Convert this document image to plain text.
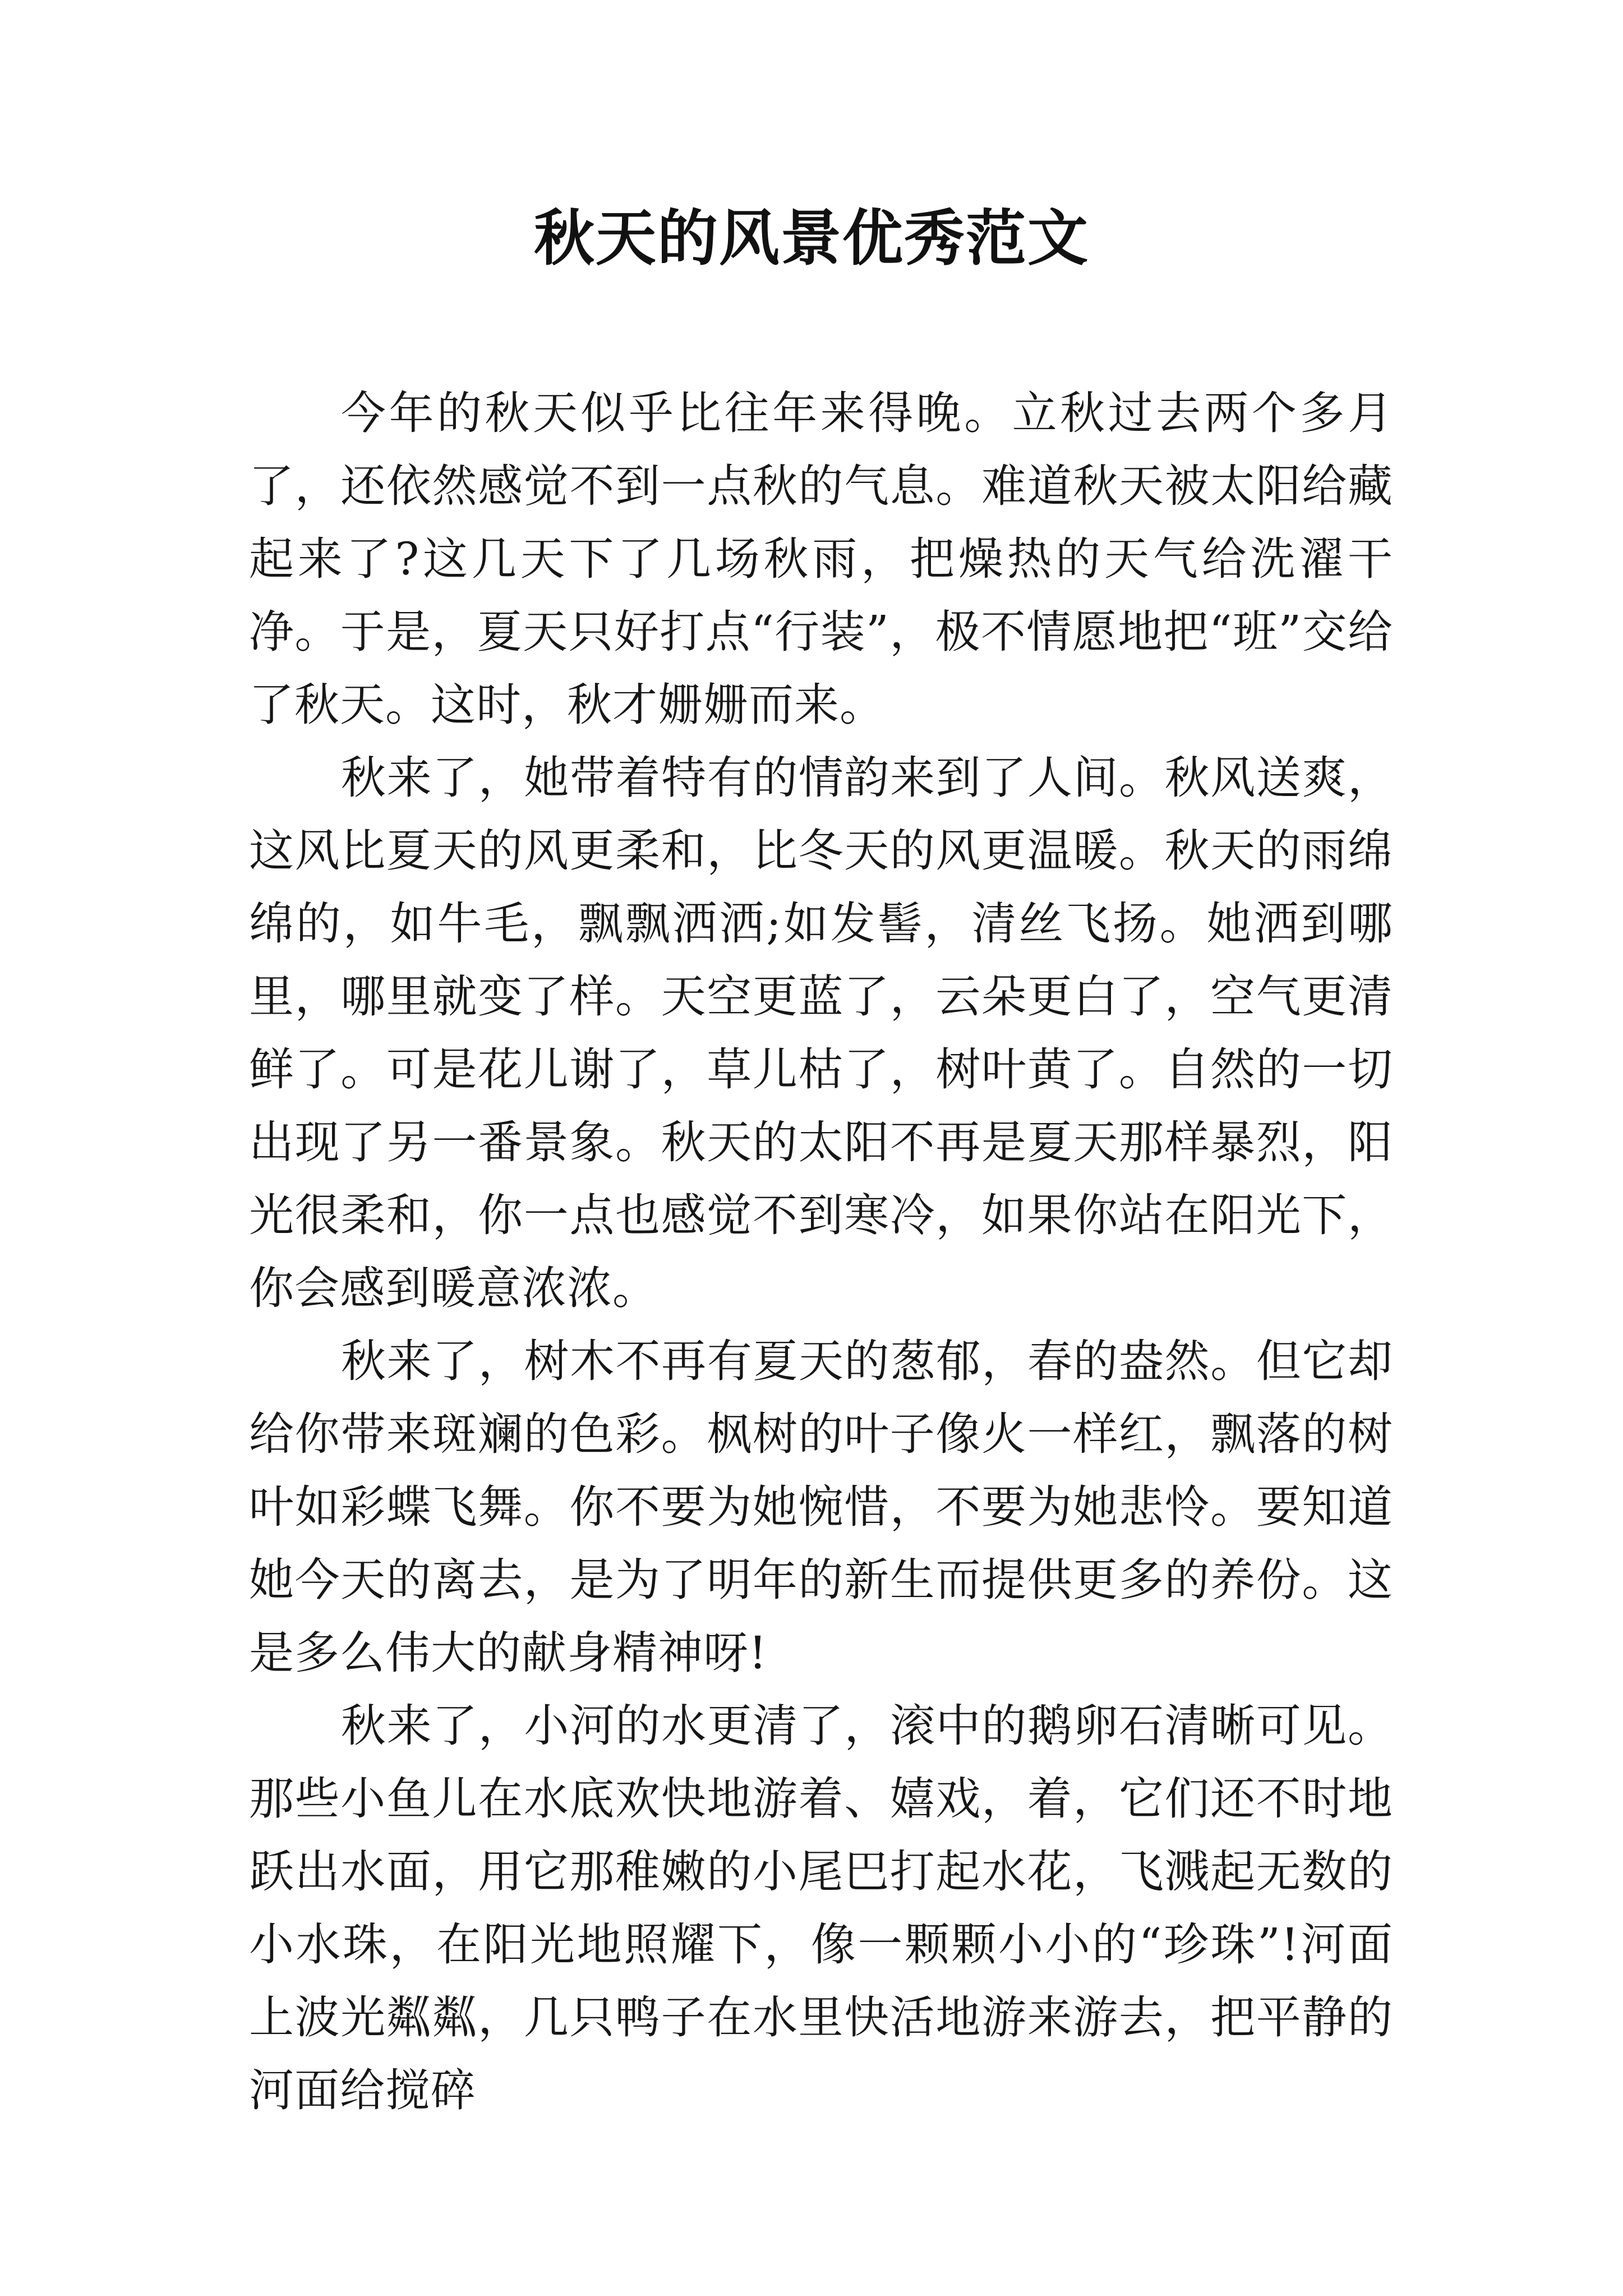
秋天的风景优秀范文

今年的秋天似乎比往年来得晚。立秋过去两个多月了，还依然感觉不到一点秋的气息。难道秋天被太阳给藏起来了?这几天下了几场秋雨，把燥热的天气给洗濯干净。于是，夏天只好打点“行装”，极不情愿地把“班”交给了秋天。这时，秋才姗姗而来。

秋来了，她带着特有的情韵来到了人间。秋风送爽，这风比夏天的风更柔和，比冬天的风更温暖。秋天的雨绵绵的，如牛毛，飘飘洒洒;如发髻，清丝飞扬。她洒到哪里，哪里就变了样。天空更蓝了，云朵更白了，空气更清鲜了。可是花儿谢了，草儿枯了，树叶黄了。自然的一切出现了另一番景象。秋天的太阳不再是夏天那样暴烈，阳光很柔和，你一点也感觉不到寒冷，如果你站在阳光下，你会感到暖意浓浓。

秋来了，树木不再有夏天的葱郁，春的盎然。但它却给你带来斑斓的色彩。枫树的叶子像火一样红，飘落的树叶如彩蝶飞舞。你不要为她惋惜，不要为她悲怜。要知道她今天的离去，是为了明年的新生而提供更多的养份。这是多么伟大的献身精神呀!

秋来了，小河的水更清了，滚中的鹅卵石清晰可见。那些小鱼儿在水底欢快地游着、嬉戏，着，它们还不时地跃出水面，用它那稚嫩的小尾巴打起水花，飞溅起无数的小水珠，在阳光地照耀下，像一颗颗小小的“珍珠”!河面上波光粼粼，几只鸭子在水里快活地游来游去，把平静的河面给搅碎
